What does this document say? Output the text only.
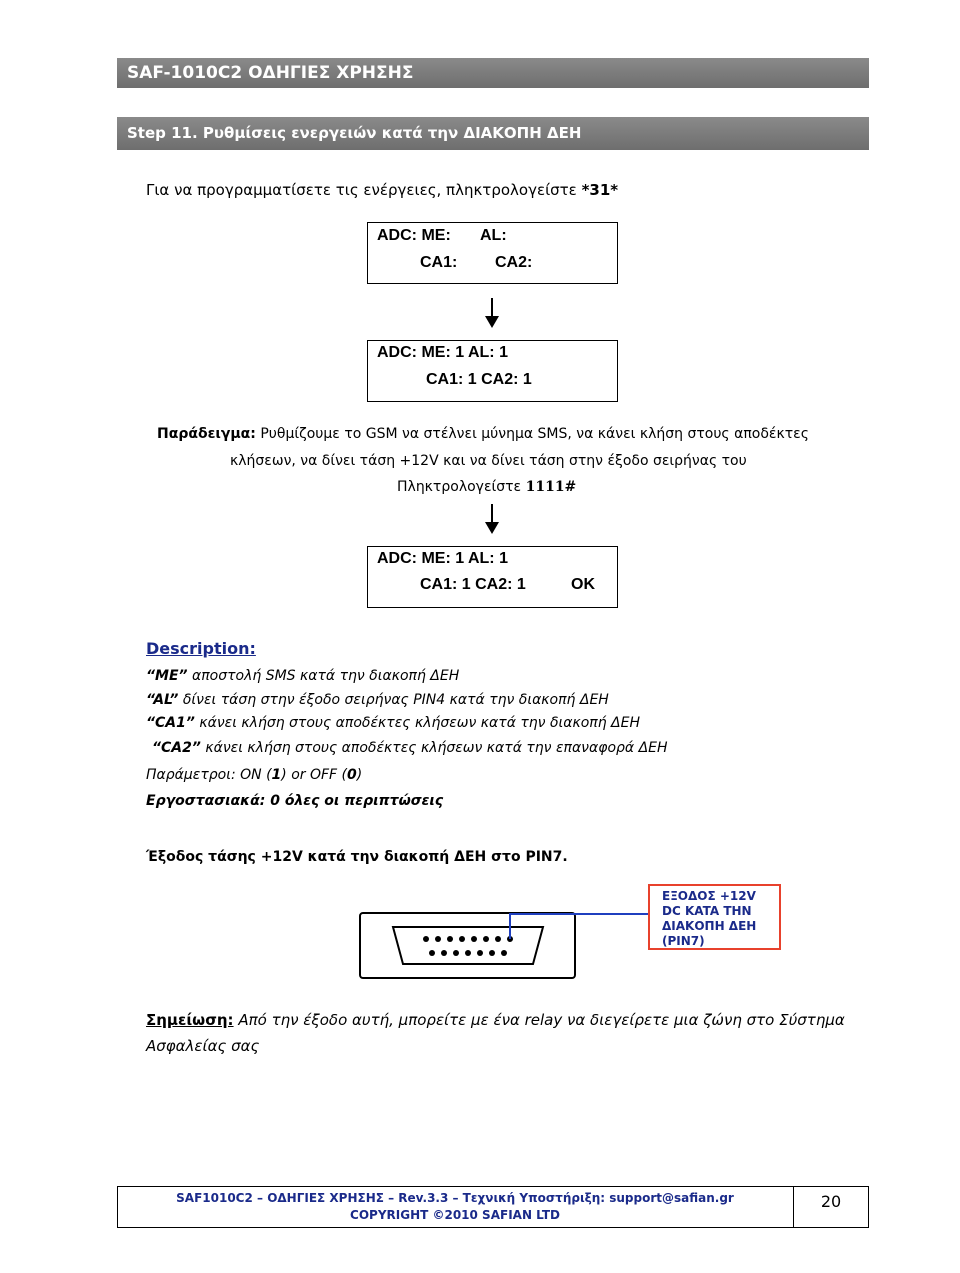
SAF-1010C2 ΟΔΗΓΙΕΣ ΧΡΗΣΗΣ
Step 11. Ρυθμίσεις ενεργειών κατά την ΔΙΑΚΟΠΗ ΔΕΗ
Για να προγραμματίσετε τις ενέργειες, πληκτρολογείστε *31*
ADC: ME: AL:
CA1: CA2:
ADC: ME: 1 AL: 1
CA1: 1 CA2: 1
Παράδειγμα: Ρυθμίζουμε το GSM να στέλνει μύνημα SMS, να κάνει κλήση στους αποδέκτες
κλήσεων, να δίνει τάση +12V και να δίνει τάση στην έξοδο σειρήνας του
Πληκτρολογείστε 1111#
ADC: ME: 1 AL: 1
CA1: 1 CA2: 1	OK
Description:
“ME” αποστολή SMS κατά την διακοπή ΔΕΗ
“AL” δίνει τάση στην έξοδο σειρήνας PIN4 κατά την διακοπή ΔΕΗ
“CA1” κάνει κλήση στους αποδέκτες κλήσεων κατά την διακοπή ΔΕΗ
“CA2” κάνει κλήση στους αποδέκτες κλήσεων κατά την επαναφορά ΔΕΗ
Παράμετροι: ON (1) or OFF (0)
Εργοστασιακά: 0 όλες οι περιπτώσεις
Έξοδος τάσης +12V κατά την διακοπή ΔΕΗ στο PIN7.
ΕΞΟΔΟΣ +12V
DC KATA THN
ΔΙΑΚΟΠΗ ΔΕΗ
(PIN7)
Σημείωση: Από την έξοδο αυτή, μπορείτε με ένα relay να διεγείρετε μια ζώνη στο Σύστημα
Ασφαλείας σας
SAF1010C2 – ΟΔΗΓΙΕΣ ΧΡΗΣΗΣ – Rev.3.3 – Τεχνική Υποστήριξη: support@safian.gr
COPYRIGHT ©2010 SAFIAN LTD
20
